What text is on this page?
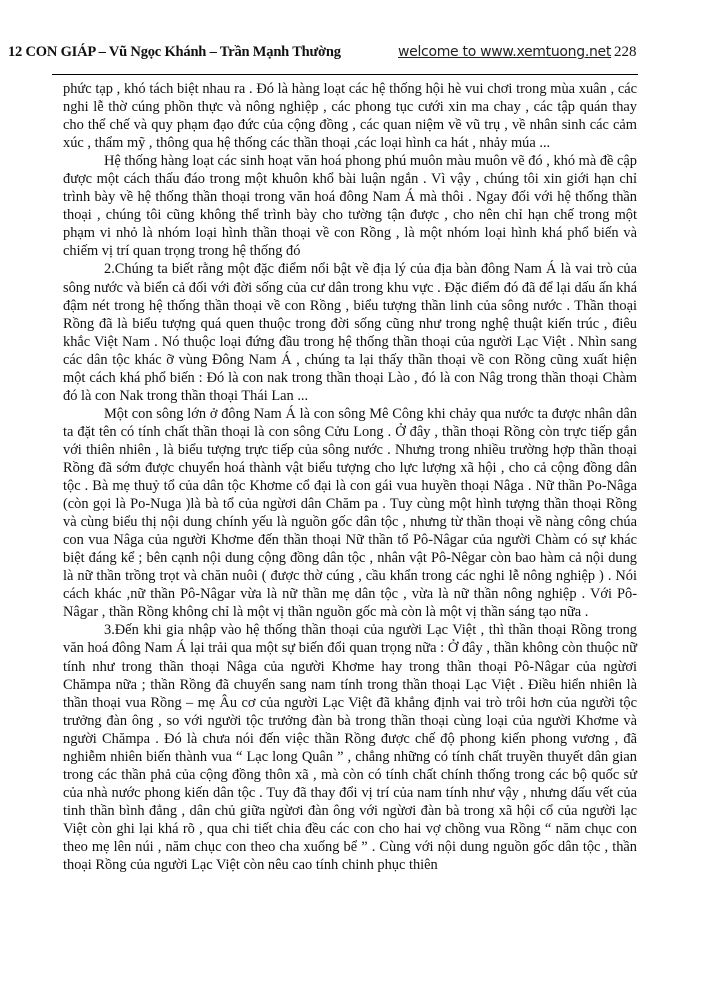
12 CON GIÁP – Vũ Ngọc Khánh – Trần Mạnh Thường	welcome to www.xemtuong.net 228

phức tạp , khó tách biệt nhau ra . Đó là hàng loạt các hệ thống hội hè vui chơi trong mùa xuân , các nghi lễ thờ cúng phồn thực và nông nghiệp , các phong tục cưới xin ma chay , các tập quán thay cho thể chế và quy phạm đạo đức của cộng đồng , các quan niệm về vũ trụ , về nhân sinh các cảm xúc , thẩm mỹ , thông qua hệ thống các thần thoại ,các loại hình ca hát , nhảy múa ...

Hệ thống hàng loạt các sinh hoạt văn hoá phong phú muôn màu muôn vẽ đó , khó mà đề cập được một cách thấu đáo trong một khuôn khổ bài luận ngắn . Vì vậy , chúng tôi xin giới hạn chỉ trình bày về hệ thống thần thoại trong văn hoá đông Nam Á mà thôi . Ngay đối với hệ thống thần thoại , chúng tôi cũng không thể trình bày cho tường tận được , cho nên chỉ hạn chế trong một phạm vi nhỏ là nhóm loại hình thần thoại về con Rồng , là một nhóm loại hình khá phổ biến và chiếm vị trí quan trọng trong hệ thống đó

2.Chúng ta biết rằng một đặc điểm nổi bật về địa lý của địa bàn đông Nam Á là vai trò của sông nước và biển cả đối với đời sống của cư dân trong khu vực . Đặc điểm đó đã để lại dấu ấn khá đậm nét trong hệ thống thần thoại về con Rồng , biểu tượng thần linh của sông nước . Thần thoại Rồng đã là biểu tượng quá quen thuộc trong đời sống cũng như trong nghệ thuật kiến trúc , điêu khắc Việt Nam . Nó thuộc loại đứng đầu trong hệ thống thần thoại của người Lạc Việt . Nhìn sang các dân tộc khác ỡ vùng Đông Nam Á , chúng ta lại thấy thần thoại về con Rồng cũng xuất hiện một cách khá phổ biến : Đó là con nak trong thần thoại Lào , đó là con Nâg trong thần thoại Chàm đó là con Nak trong thần thoại Thái Lan ...

Một con sông lớn ở đông Nam Á là con sông Mê Công khi chảy qua nước ta được nhân dân ta đặt tên có tính chất thần thoại là con sông Cửu Long . Ở đây , thần thoại Rồng còn trực tiếp gắn với thiên nhiên , là biểu tượng trực tiếp của sông nước . Nhưng trong nhiều trường hợp thần thoại Rồng đã sớm được chuyển hoá thành vật biểu tượng cho lực lượng xã hội , cho cả cộng đồng dân tộc . Bà mẹ thuỷ tổ của dân tộc Khơme cổ đại là con gái vua huyền thoại Nâga . Nữ thần Po-Nâga (còn gọi là Po-Nuga )là bà tổ của ngừơi dân Chăm pa . Tuy cùng một hình tượng thần thoại Rồng và cùng biểu thị nội dung chính yếu là nguồn gốc dân tộc , nhưng từ thần thoại về nàng công chúa con vua Nâga của người Khơme đến thần thoại Nữ thần tổ Pô-Nâgar của người Chàm có sự khác biệt đáng kể ; bên cạnh nội dung cộng đồng dân tộc , nhân vật Pô-Nêgar còn bao hàm cả nội dung là nữ thần trồng trọt và chăn nuôi ( được thờ cúng , cầu khẩn trong các nghi lễ nông nghiệp ) . Nói cách khác ,nữ thần Pô-Nâgar vừa là nữ thần mẹ dân tộc , vừa là nữ thần nông nghiệp . Với Pô-Nâgar , thần Rồng không chỉ là một vị thần nguồn gốc mà còn là một vị thần sáng tạo nữa .

3.Đến khi gia nhập vào hệ thống thần thoại của người Lạc Việt , thì thần thoại Rồng trong văn hoá đông Nam Á lại trải qua một sự biến đổi quan trọng nữa : Ở đây , thần không còn thuộc nữ tính như trong thần thoại Nâga của người Khơme hay trong thần thoại Pô-Nâgar của ngừơi Chămpa nữa ; thần Rồng đã chuyển sang nam tính trong thần thoại Lạc Việt . Điều hiển nhiên là thần thoại vua Rồng – mẹ Âu cơ của người Lạc Việt đã khẳng định vai trò trôi hơn của người tộc trưởng đàn ông , so với người tộc trưởng đàn bà trong thần thoại cùng loại của người Khơme và người Chămpa . Đó là chưa nói đến việc thần Rồng được chế độ phong kiến phong vương , đã nghiễm nhiên biến thành vua “ Lạc long Quân ” , chẳng những có tính chất truyền thuyết dân gian trong các thần phả của cộng đồng thôn xã , mà còn có tính chất chính thống trong các bộ quốc sử của nhà nước phong kiến dân tộc . Tuy đã thay đổi vị trí của nam tính như vậy , nhưng dấu vết của tinh thần bình đẳng , dân chủ giữa ngừơi đàn ông với ngừơi đàn bà trong xã hội cổ của người lạc Việt còn ghi lại khá rõ , qua chi tiết chia đều các con cho hai vợ chồng vua Rồng “ năm chục con theo mẹ lên núi , năm chục con theo cha xuống bể ” . Cùng với nội dung nguồn gốc dân tộc , thần thoại Rồng của người Lạc Việt còn nêu cao tính chinh phục thiên
